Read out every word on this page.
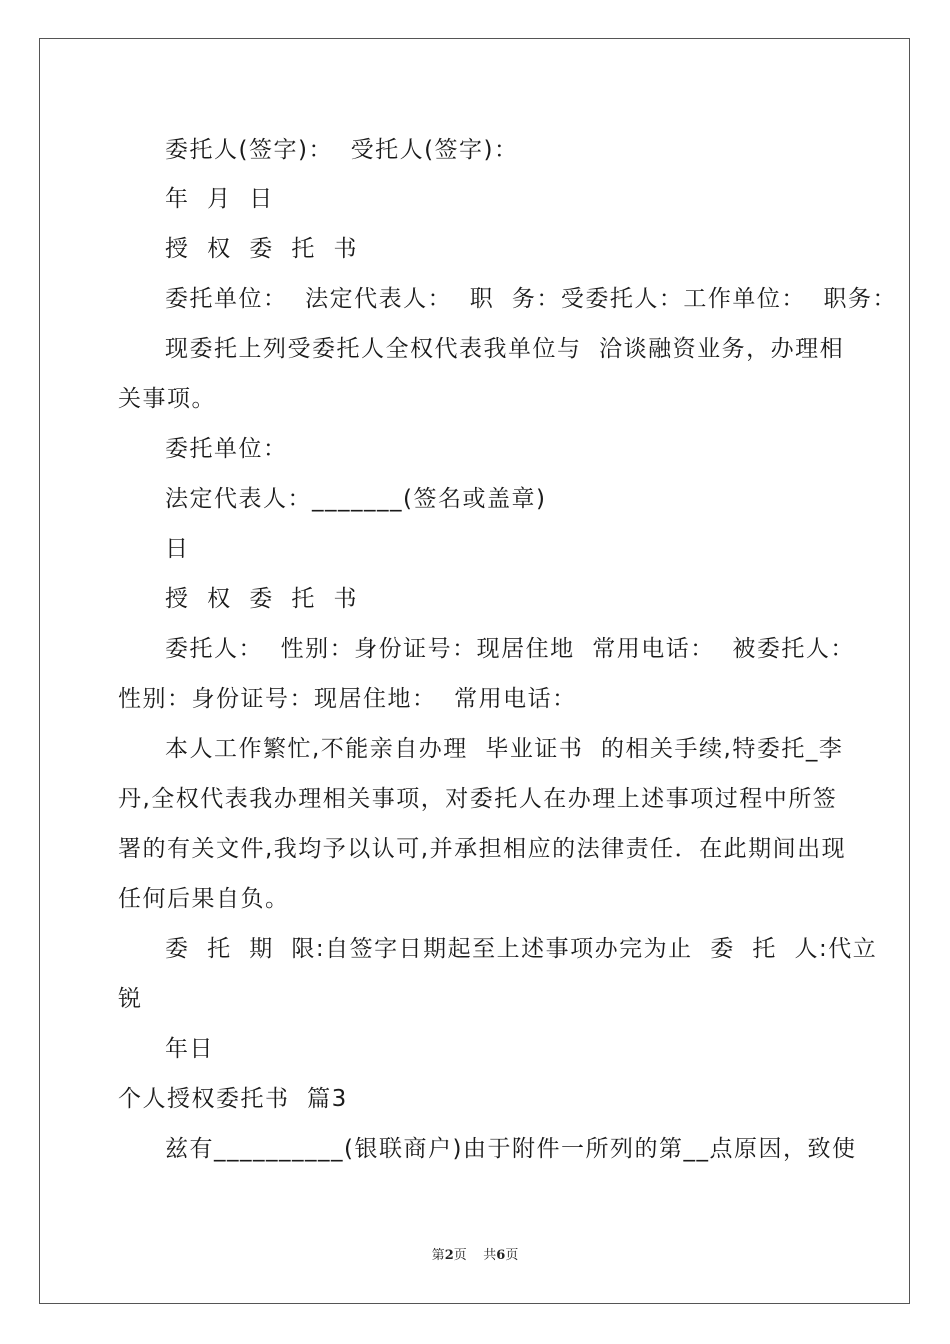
委托人(签字)：  受托人(签字)：

年  月  日

授  权  委  托  书

委托单位：  法定代表人：  职  务：受委托人：工作单位：  职务：

现委托上列受委托人全权代表我单位与  洽谈融资业务，办理相

关事项。

委托单位：

法定代表人：_______(签名或盖章)

日

授  权  委  托  书

委托人：  性别：身份证号：现居住地  常用电话：  被委托人：

性别：身份证号：现居住地：  常用电话：

本人工作繁忙,不能亲自办理  毕业证书  的相关手续,特委托_李

丹,全权代表我办理相关事项，对委托人在办理上述事项过程中所签

署的有关文件,我均予以认可,并承担相应的法律责任．在此期间出现

任何后果自负。

委  托  期  限:自签字日期起至上述事项办完为止  委  托  人:代立

锐

年日

个人授权委托书  篇3

兹有__________(银联商户)由于附件一所列的第__点原因，致使

第2页    共6页
